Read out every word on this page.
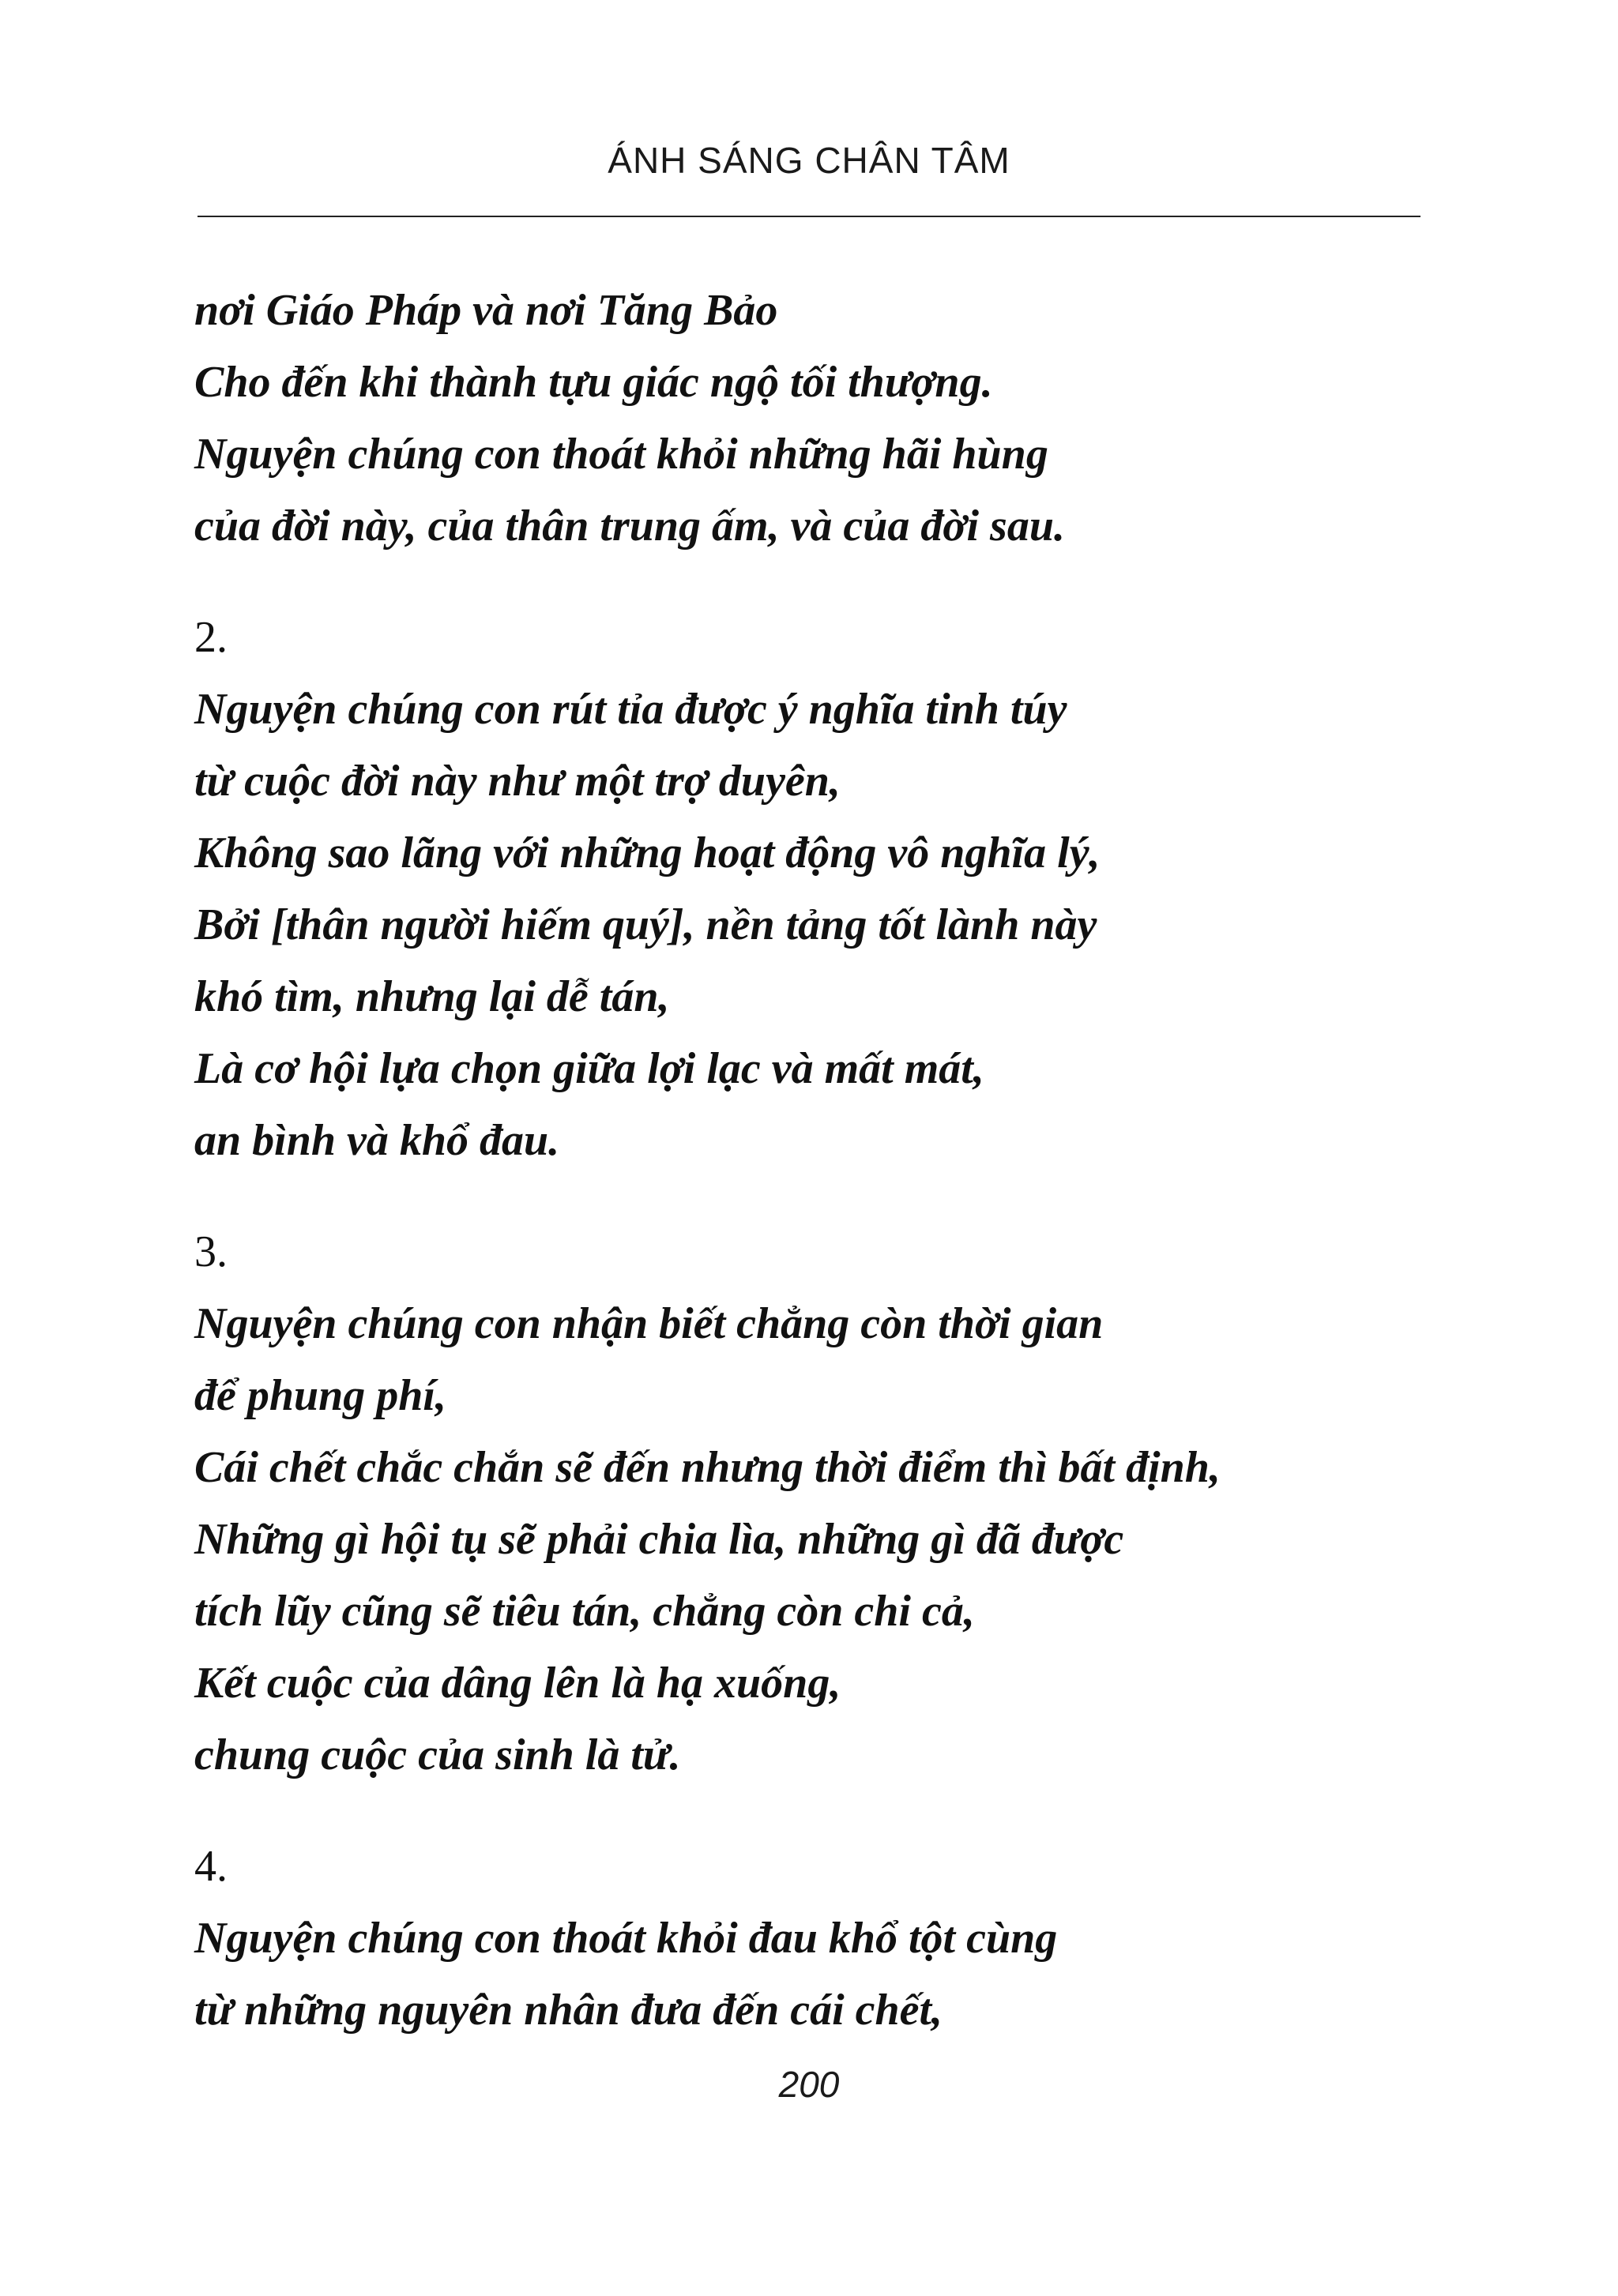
ÁNH SÁNG CHÂN TÂM
nơi Giáo Pháp và nơi Tăng Bảo
Cho đến khi thành tựu giác ngộ tối thượng.
Nguyện chúng con thoát khỏi những hãi hùng
của đời này, của thân trung ấm, và của đời sau.
2.
Nguyện chúng con rút tỉa được ý nghĩa tinh túy
từ cuộc đời này như một trợ duyên,
Không sao lãng với những hoạt động vô nghĩa lý,
Bởi [thân người hiếm quý], nền tảng tốt lành này
khó tìm, nhưng lại dễ tán,
Là cơ hội lựa chọn giữa lợi lạc và mất mát,
an bình và khổ đau.
3.
Nguyện chúng con nhận biết chẳng còn thời gian
để phung phí,
Cái chết chắc chắn sẽ đến nhưng thời điểm thì bất định,
Những gì hội tụ sẽ phải chia lìa, những gì đã được
tích lũy cũng sẽ tiêu tán, chẳng còn chi cả,
Kết cuộc của dâng lên là hạ xuống,
chung cuộc của sinh là tử.
4.
Nguyện chúng con thoát khỏi đau khổ tột cùng
từ những nguyên nhân đưa đến cái chết,
200
